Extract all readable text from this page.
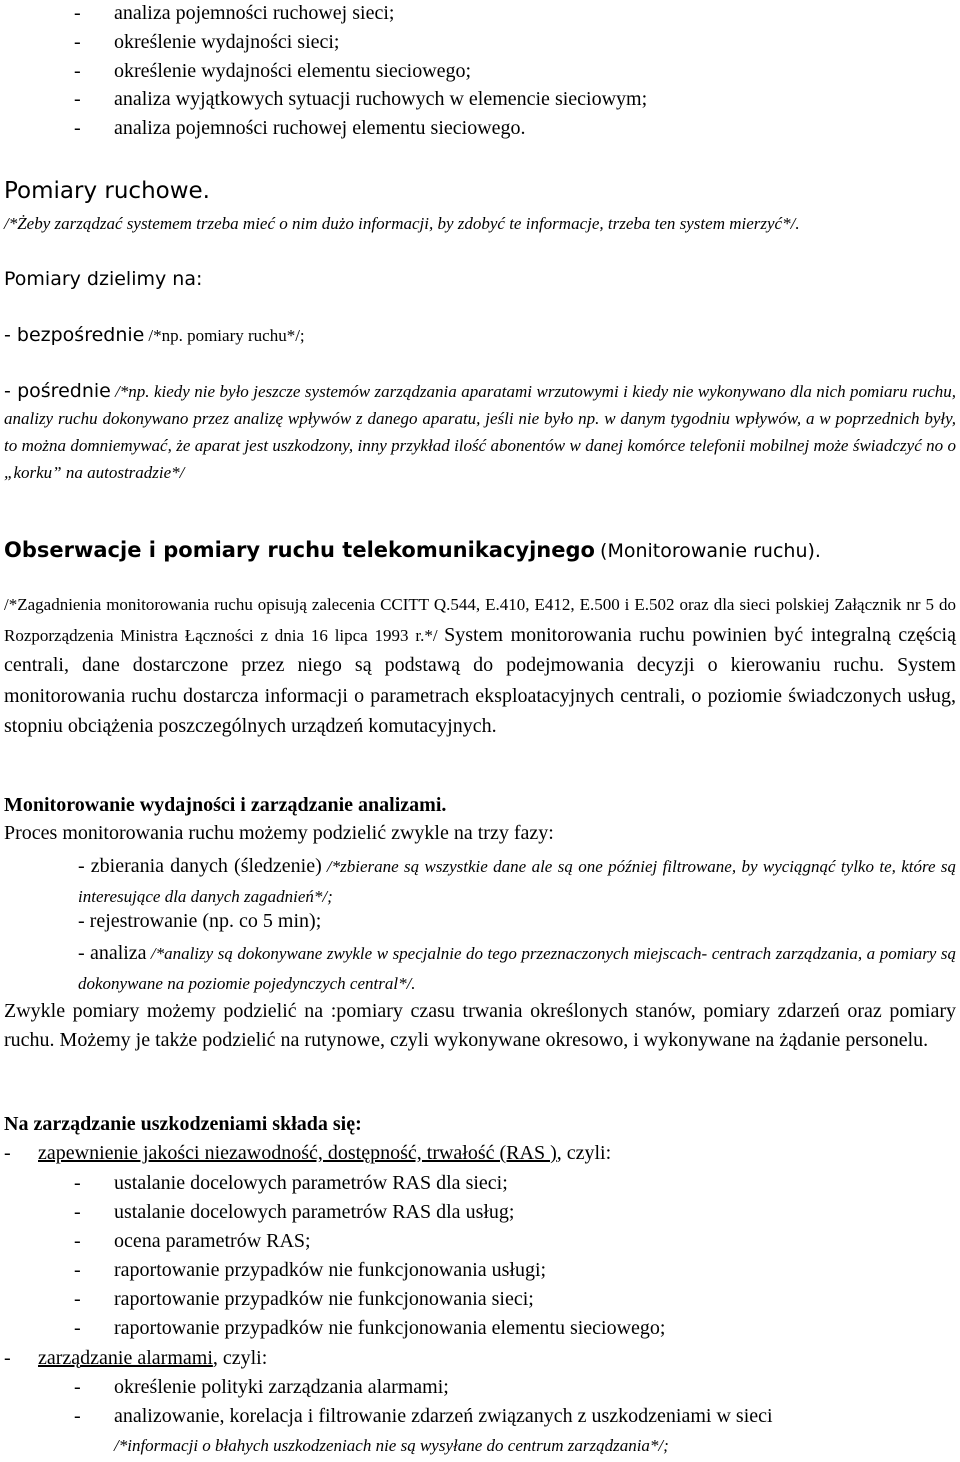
- analiza pojemności ruchowej sieci;
- określenie wydajności sieci;
- określenie wydajności elementu sieciowego;
- analiza wyjątkowych sytuacji ruchowych w elemencie sieciowym;
- analiza pojemności ruchowej elementu sieciowego.
Pomiary ruchowe.
/*Żeby zarządzać systemem trzeba mieć o nim dużo informacji, by zdobyć te informacje, trzeba ten system mierzyć*/.
Pomiary dzielimy na:
- bezpośrednie /*np. pomiary ruchu*/;
- pośrednie /*np. kiedy nie było jeszcze systemów zarządzania aparatami wrzutowymi i kiedy nie wykonywano dla nich pomiaru ruchu, analizy ruchu dokonywano przez analizę wpływów z danego aparatu, jeśli nie było np. w danym tygodniu wpływów, a w poprzednich były, to można domniemywać, że aparat jest uszkodzony, inny przykład ilość abonentów w danej komórce telefonii mobilnej może świadczyć no o „korku” na autostradzie*/
Obserwacje i pomiary ruchu telekomunikacyjnego (Monitorowanie ruchu).
/*Zagadnienia monitorowania ruchu opisują zalecenia CCITT Q.544, E.410, E412, E.500 i E.502 oraz dla sieci polskiej Załącznik nr 5 do Rozporządzenia Ministra Łączności z dnia 16 lipca 1993 r.*/ System monitorowania ruchu powinien być integralną częścią centrali, dane dostarczone przez niego są podstawą do podejmowania decyzji o kierowaniu ruchu. System monitorowania ruchu dostarcza informacji o parametrach eksploatacyjnych centrali, o poziomie świadczonych usług, stopniu obciążenia poszczególnych urządzeń komutacyjnych.
Monitorowanie wydajności i zarządzanie analizami.
Proces monitorowania ruchu możemy podzielić zwykle na trzy fazy:
- zbierania danych (śledzenie) /*zbierane są wszystkie dane ale są one później filtrowane, by wyciągnąć tylko te, które są interesujące dla danych zagadnień*/;
- rejestrowanie (np. co 5 min);
- analiza /*analizy są dokonywane zwykle w specjalnie do tego przeznaczonych miejscach- centrach zarządzania, a pomiary są dokonywane na poziomie pojedynczych central*/.
Zwykle pomiary możemy podzielić na :pomiary czasu trwania określonych stanów, pomiary zdarzeń oraz pomiary ruchu. Możemy je także podzielić na rutynowe, czyli wykonywane okresowo, i wykonywane na żądanie personelu.
Na zarządzanie uszkodzeniami składa się:
- zapewnienie jakości niezawodność, dostępność, trwałość (RAS ), czyli:
- ustalanie docelowych parametrów RAS dla sieci;
- ustalanie docelowych parametrów RAS dla usług;
- ocena parametrów RAS;
- raportowanie przypadków nie funkcjonowania usługi;
- raportowanie przypadków nie funkcjonowania sieci;
- raportowanie przypadków nie funkcjonowania elementu sieciowego;
- zarządzanie alarmami, czyli:
- określenie polityki zarządzania alarmami;
- analizowanie, korelacja i filtrowanie zdarzeń związanych z uszkodzeniami w sieci
/*informacji o błahych uszkodzeniach nie są wysyłane do centrum zarządzania*/;
